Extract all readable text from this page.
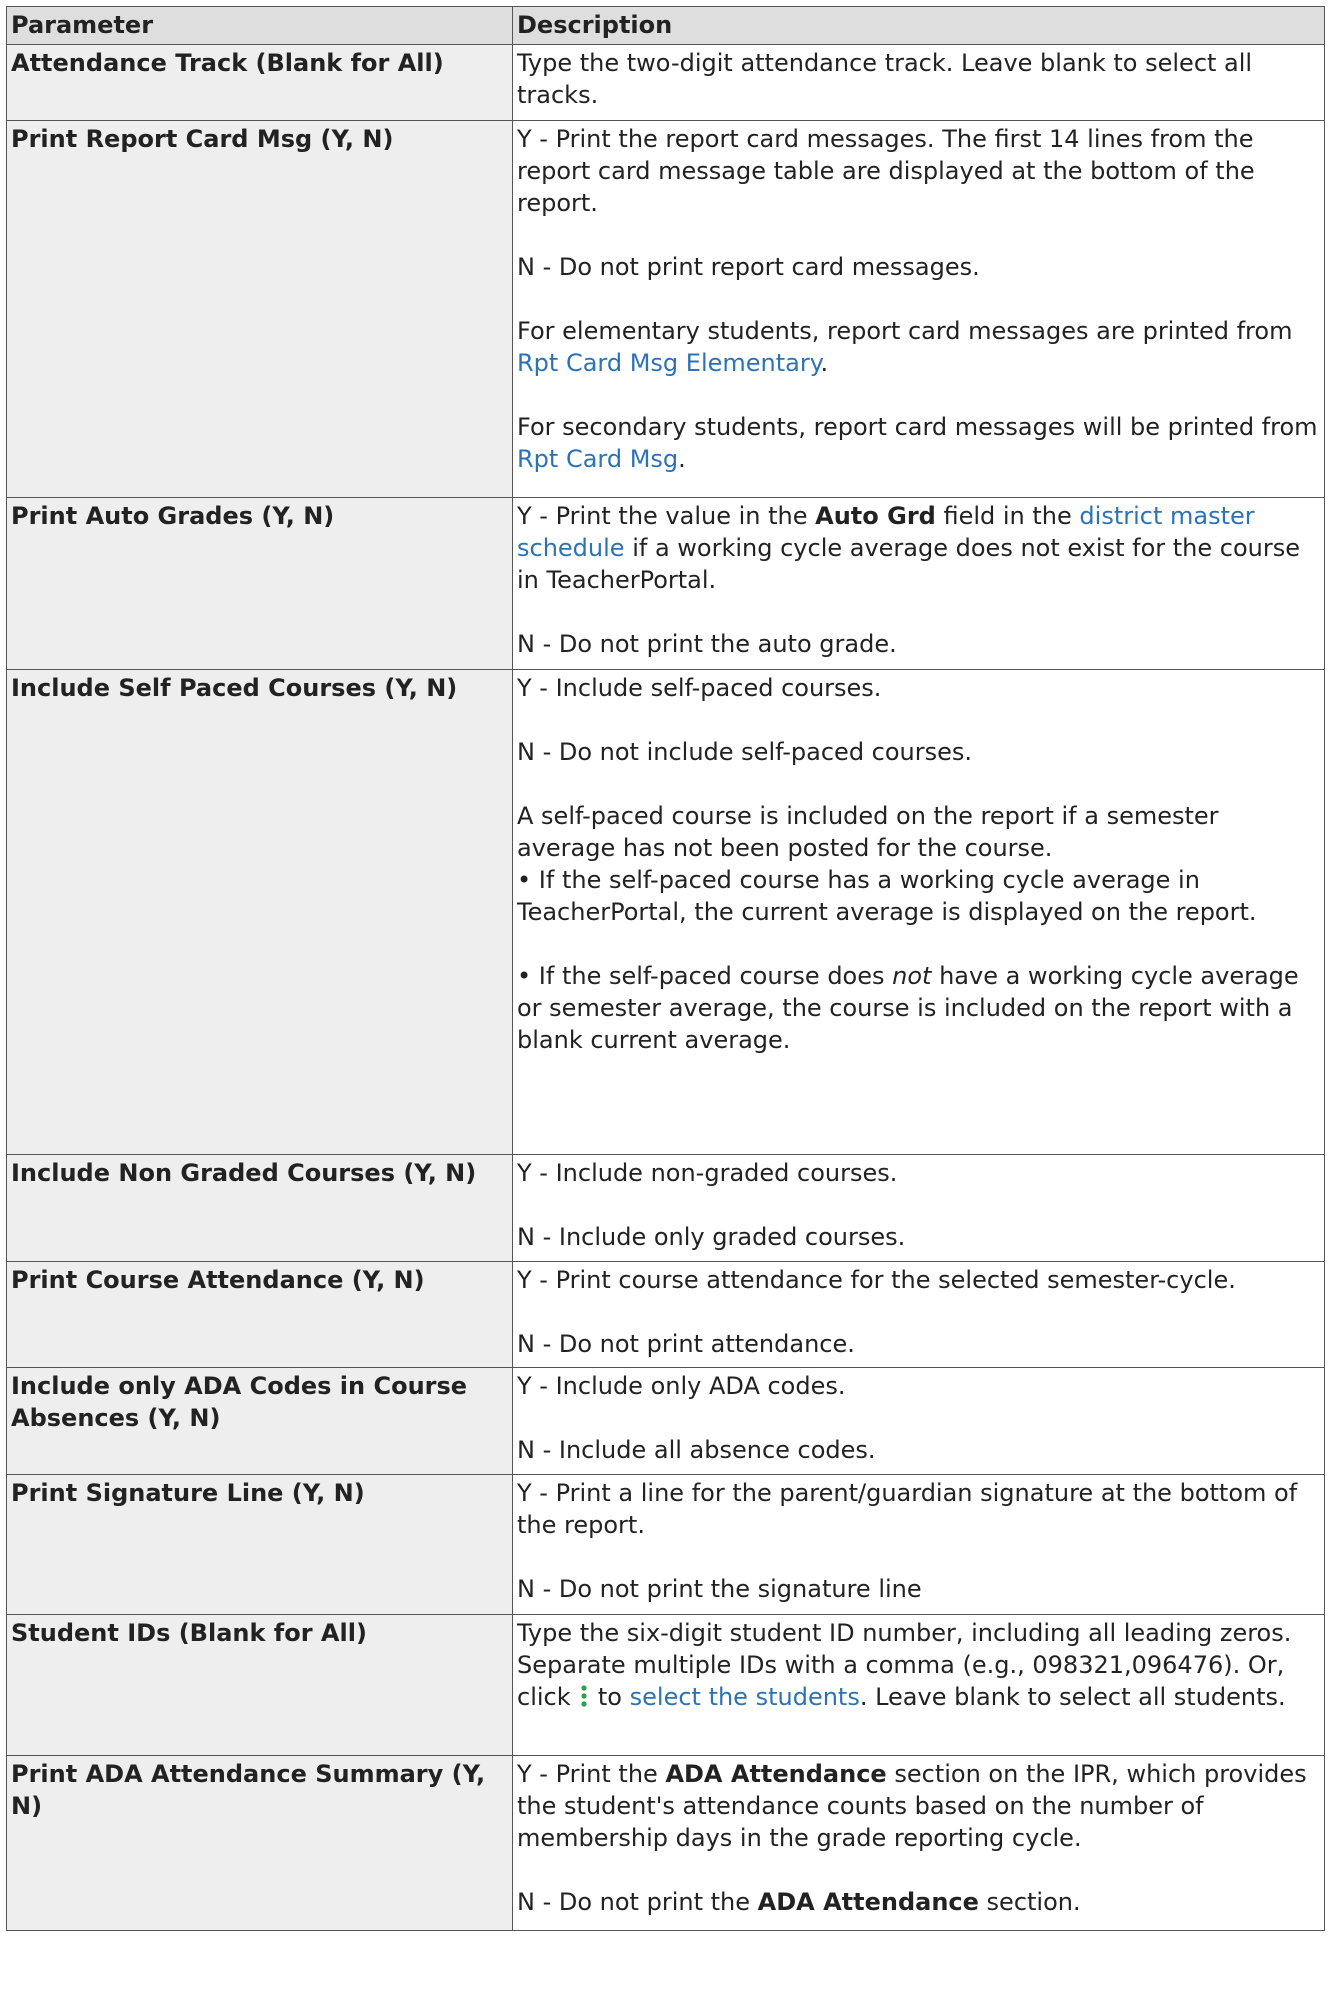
Parameter	Description
Attendance Track (Blank for All)	Type the two-digit attendance track. Leave blank to select all tracks.

Print Report Card Msg (Y, N)	Y - Print the report card messages. The first 14 lines from the report card message table are displayed at the bottom of the report.

N - Do not print report card messages.

For elementary students, report card messages are printed from Rpt Card Msg Elementary.

For secondary students, report card messages will be printed from Rpt Card Msg.

Print Auto Grades (Y, N)	Y - Print the value in the Auto Grd field in the district master schedule if a working cycle average does not exist for the course in TeacherPortal.

N - Do not print the auto grade.

Include Self Paced Courses (Y, N)	Y - Include self-paced courses.

N - Do not include self-paced courses.

A self-paced course is included on the report if a semester average has not been posted for the course.
• If the self-paced course has a working cycle average in TeacherPortal, the current average is displayed on the report.

• If the self-paced course does not have a working cycle average or semester average, the course is included on the report with a blank current average.

Include Non Graded Courses (Y, N)	Y - Include non-graded courses.

N - Include only graded courses.

Print Course Attendance (Y, N)	Y - Print course attendance for the selected semester-cycle.

N - Do not print attendance.

Include only ADA Codes in Course Absences (Y, N)	Y - Include only ADA codes.

N - Include all absence codes.

Print Signature Line (Y, N)	Y - Print a line for the parent/guardian signature at the bottom of the report.

N - Do not print the signature line

Student IDs (Blank for All)	Type the six-digit student ID number, including all leading zeros. Separate multiple IDs with a comma (e.g., 098321,096476). Or, click  to select the students. Leave blank to select all students.

Print ADA Attendance Summary (Y, N)	Y - Print the ADA Attendance section on the IPR, which provides the student's attendance counts based on the number of membership days in the grade reporting cycle.

N - Do not print the ADA Attendance section.
